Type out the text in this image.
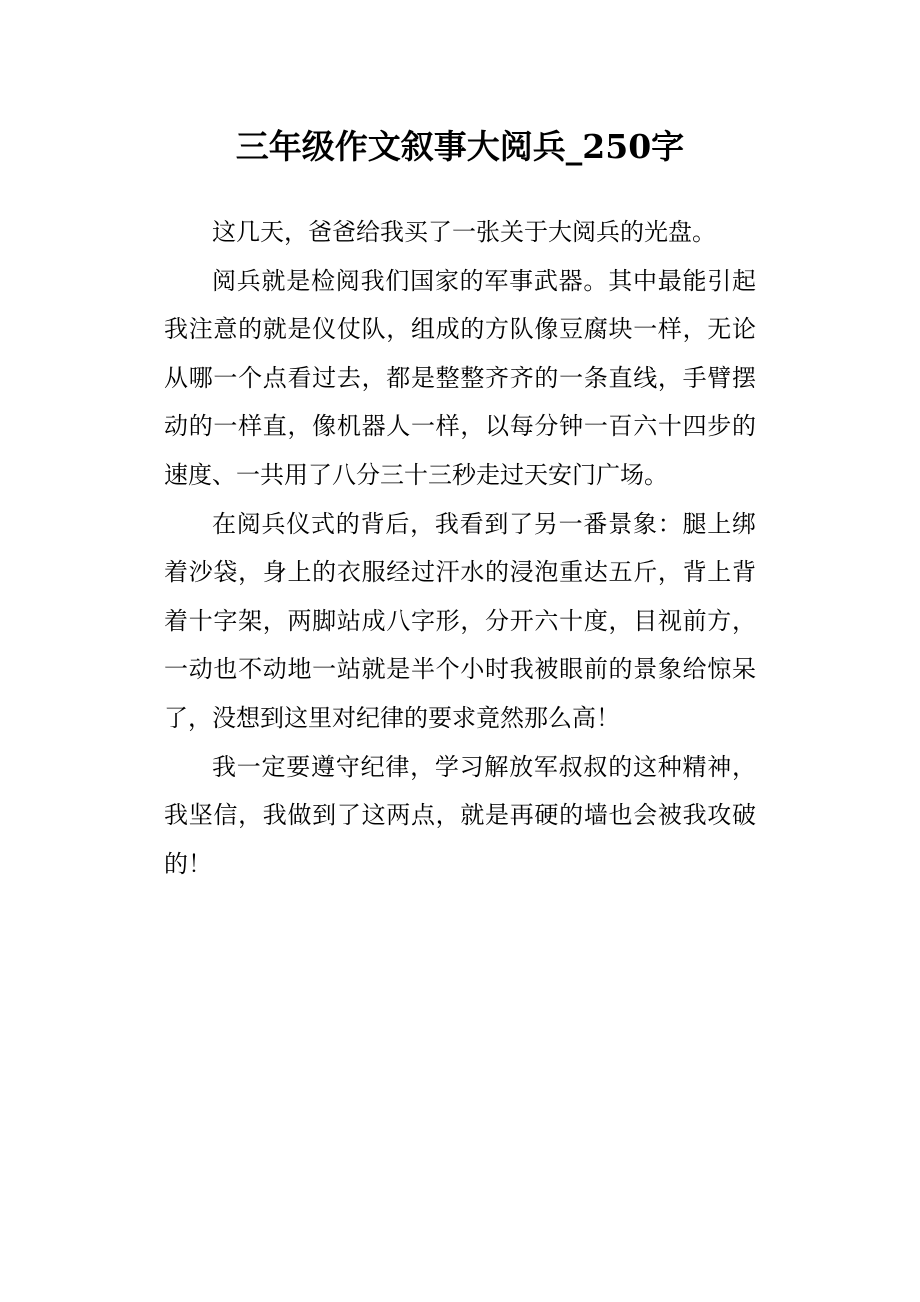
三年级作文叙事大阅兵_250字

这几天，爸爸给我买了一张关于大阅兵的光盘。

阅兵就是检阅我们国家的军事武器。其中最能引起我注意的就是仪仗队，组成的方队像豆腐块一样，无论从哪一个点看过去，都是整整齐齐的一条直线，手臂摆动的一样直，像机器人一样，以每分钟一百六十四步的速度、一共用了八分三十三秒走过天安门广场。

在阅兵仪式的背后，我看到了另一番景象：腿上绑着沙袋，身上的衣服经过汗水的浸泡重达五斤，背上背着十字架，两脚站成八字形，分开六十度，目视前方，一动也不动地一站就是半个小时我被眼前的景象给惊呆了，没想到这里对纪律的要求竟然那么高！

我一定要遵守纪律，学习解放军叔叔的这种精神，我坚信，我做到了这两点，就是再硬的墙也会被我攻破的！
